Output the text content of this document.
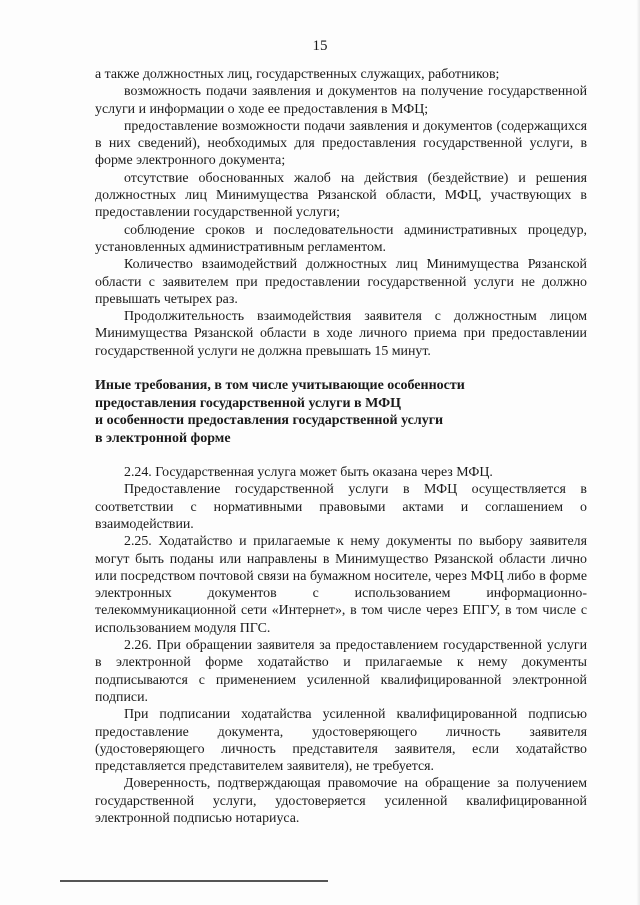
15

а также должностных лиц, государственных служащих, работников;

возможность подачи заявления и документов на получение государственной услуги и информации о ходе ее предоставления в МФЦ;

предоставление возможности подачи заявления и документов (содержащихся в них сведений), необходимых для предоставления государственной услуги, в форме электронного документа;

отсутствие обоснованных жалоб на действия (бездействие) и решения должностных лиц Минимущества Рязанской области, МФЦ, участвующих в предоставлении государственной услуги;

соблюдение сроков и последовательности административных процедур, установленных административным регламентом.

Количество взаимодействий должностных лиц Минимущества Рязанской области с заявителем при предоставлении государственной услуги не должно превышать четырех раз.

Продолжительность взаимодействия заявителя с должностным лицом Минимущества Рязанской области в ходе личного приема при предоставлении государственной услуги не должна превышать 15 минут.

Иные требования, в том числе учитывающие особенности

предоставления государственной услуги в МФЦ

и особенности предоставления государственной услуги

в электронной форме

2.24. Государственная услуга может быть оказана через МФЦ.

Предоставление государственной услуги в МФЦ осуществляется в соответствии с нормативными правовыми актами и соглашением о взаимодействии.

2.25. Ходатайство и прилагаемые к нему документы по выбору заявителя могут быть поданы или направлены в Минимущество Рязанской области лично или посредством почтовой связи на бумажном носителе, через МФЦ либо в форме электронных документов с использованием информационно-телекоммуникационной сети «Интернет», в том числе через ЕПГУ, в том числе с использованием модуля ПГС.

2.26. При обращении заявителя за предоставлением государственной услуги в электронной форме ходатайство и прилагаемые к нему документы подписываются с применением усиленной квалифицированной электронной подписи.

При подписании ходатайства усиленной квалифицированной подписью предоставление документа, удостоверяющего личность заявителя (удостоверяющего личность представителя заявителя, если ходатайство представляется представителем заявителя), не требуется.

Доверенность, подтверждающая правомочие на обращение за получением государственной услуги, удостоверяется усиленной квалифицированной электронной подписью нотариуса.
